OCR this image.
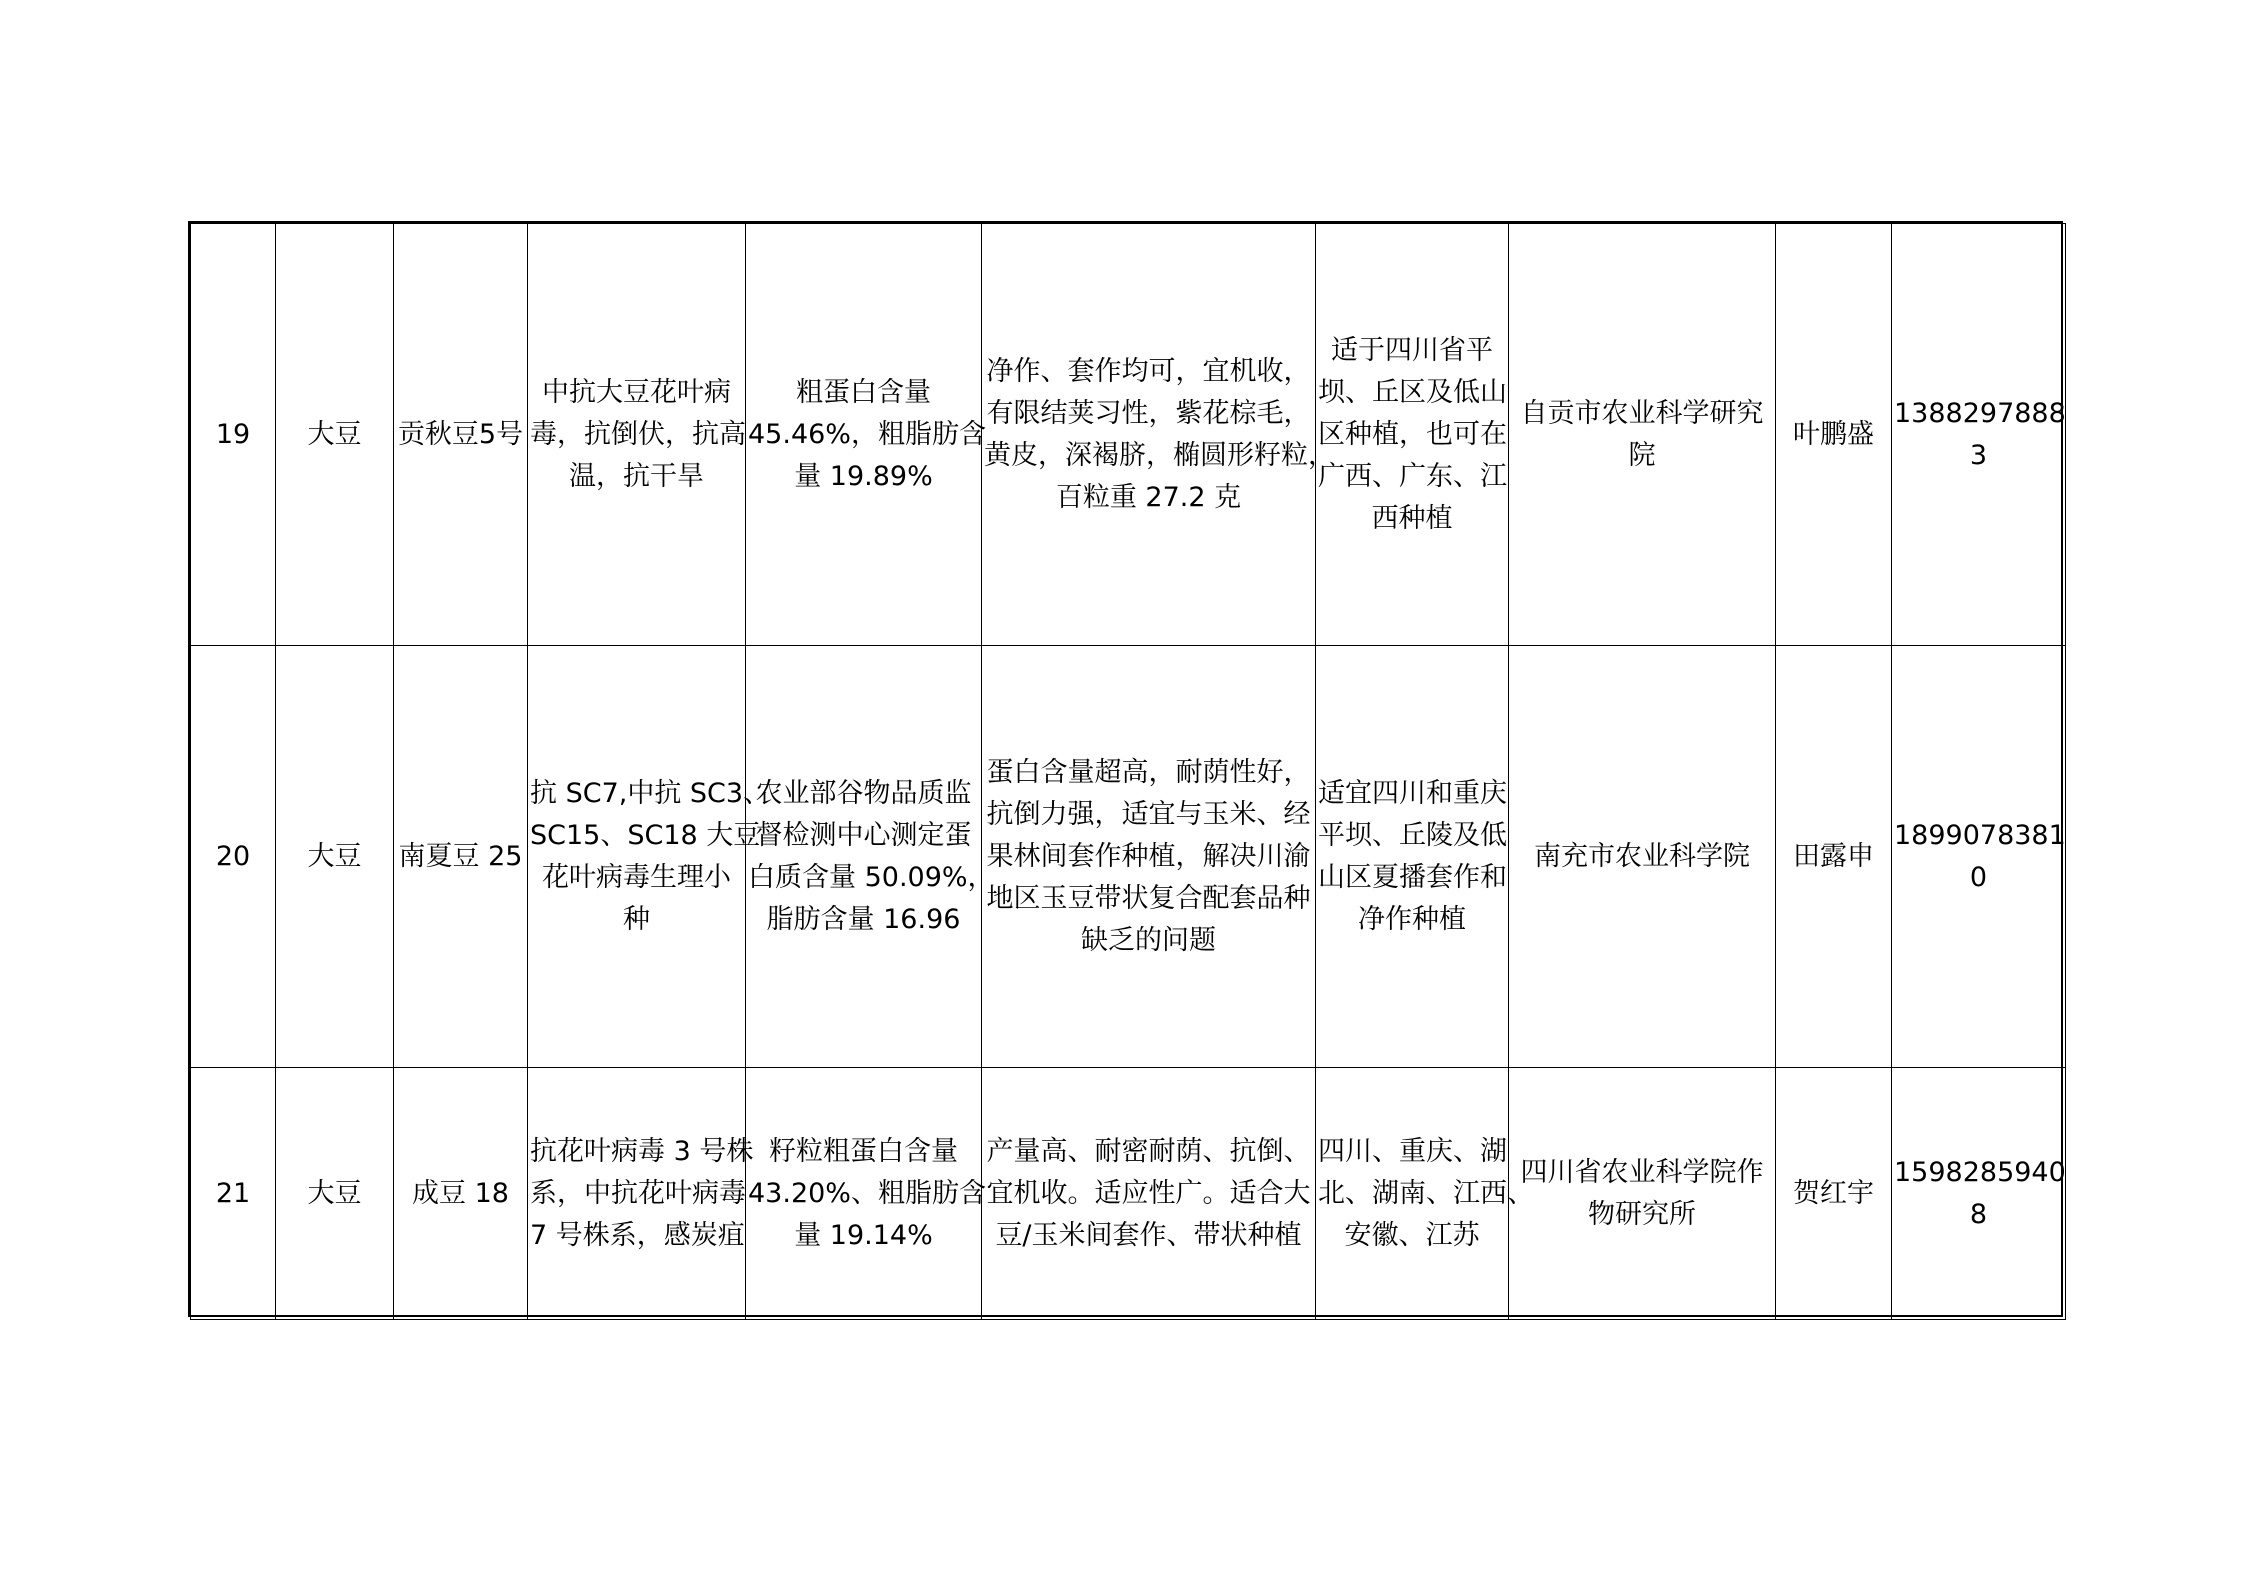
19	大豆	贡秋豆5号	中抗大豆花叶病
毒，抗倒伏，抗高
温，抗干旱	粗蛋白含量
45.46%，粗脂肪含
量 19.89%	净作、套作均可，宜机收，
有限结荚习性，紫花棕毛，
黄皮，深褐脐，椭圆形籽粒，
百粒重 27.2 克	适于四川省平
坝、丘区及低山
区种植，也可在
广西、广东、江
西种植	自贡市农业科学研究
院	叶鹏盛	1388297888
3

20	大豆	南夏豆 25	抗 SC7,中抗 SC3、
SC15、SC18 大豆
花叶病毒生理小
种	农业部谷物品质监
督检测中心测定蛋
白质含量 50.09%，
脂肪含量 16.96	蛋白含量超高，耐荫性好，
抗倒力强，适宜与玉米、经
果林间套作种植，解决川渝
地区玉豆带状复合配套品种
缺乏的问题	适宜四川和重庆
平坝、丘陵及低
山区夏播套作和
净作种植	南充市农业科学院	田露申	1899078381
0

21	大豆	成豆 18	抗花叶病毒 3 号株
系，中抗花叶病毒
7 号株系，感炭疽	籽粒粗蛋白含量
43.20%、粗脂肪含
量 19.14%	产量高、耐密耐荫、抗倒、
宜机收。适应性广。适合大
豆/玉米间套作、带状种植	四川、重庆、湖
北、湖南、江西、
安徽、江苏	四川省农业科学院作
物研究所	贺红宇	1598285940
8
